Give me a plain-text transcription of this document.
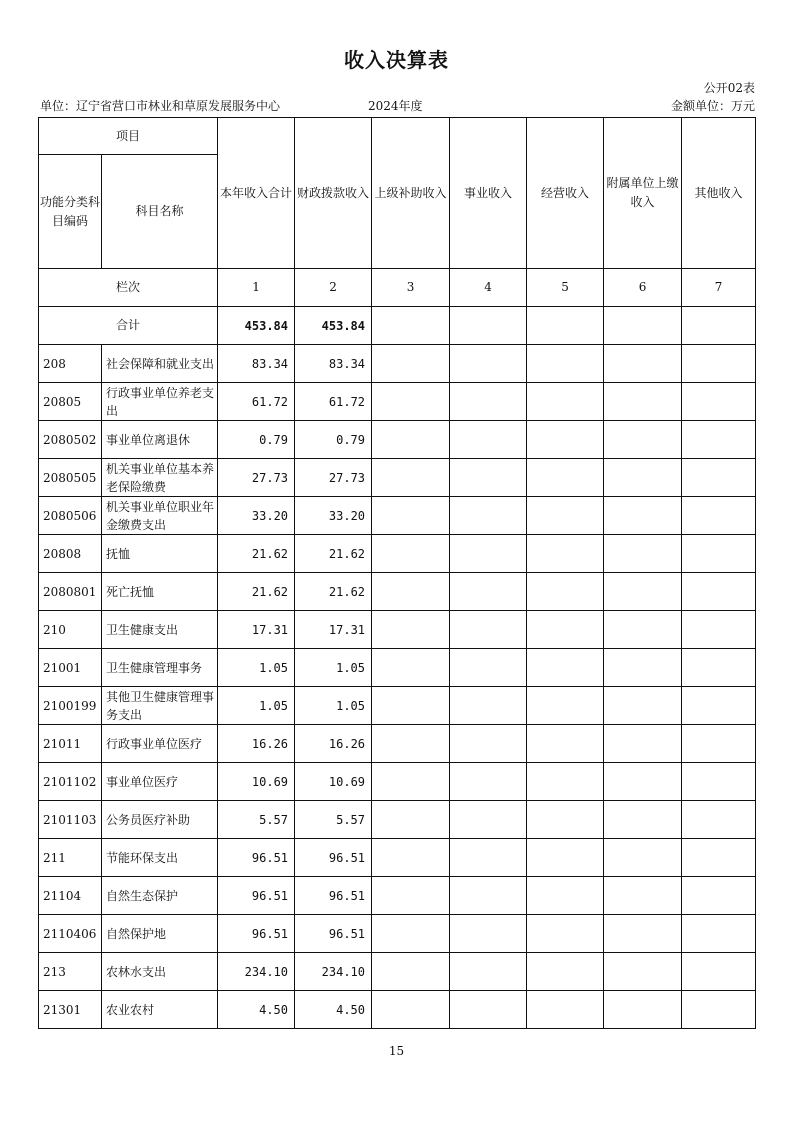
收入决算表
公开02表
单位：辽宁省营口市林业和草原发展服务中心	2024年度	金额单位：万元
项目		本年收入合计	财政拨款收入	上级补助收入	事业收入	经营收入	附属单位上缴收入	其他收入
功能分类科目编码	科目名称							
栏次		1	2	3	4	5	6	7
合计		453.84	453.84					
208	社会保障和就业支出	83.34	83.34					
20805	行政事业单位养老支出	61.72	61.72					
2080502	事业单位离退休	0.79	0.79					
2080505	机关事业单位基本养老保险缴费	27.73	27.73					
2080506	机关事业单位职业年金缴费支出	33.20	33.20					
20808	抚恤	21.62	21.62					
2080801	死亡抚恤	21.62	21.62					
210	卫生健康支出	17.31	17.31					
21001	卫生健康管理事务	1.05	1.05					
2100199	其他卫生健康管理事务支出	1.05	1.05					
21011	行政事业单位医疗	16.26	16.26					
2101102	事业单位医疗	10.69	10.69					
2101103	公务员医疗补助	5.57	5.57					
211	节能环保支出	96.51	96.51					
21104	自然生态保护	96.51	96.51					
2110406	自然保护地	96.51	96.51					
213	农林水支出	234.10	234.10					
21301	农业农村	4.50	4.50					
15
